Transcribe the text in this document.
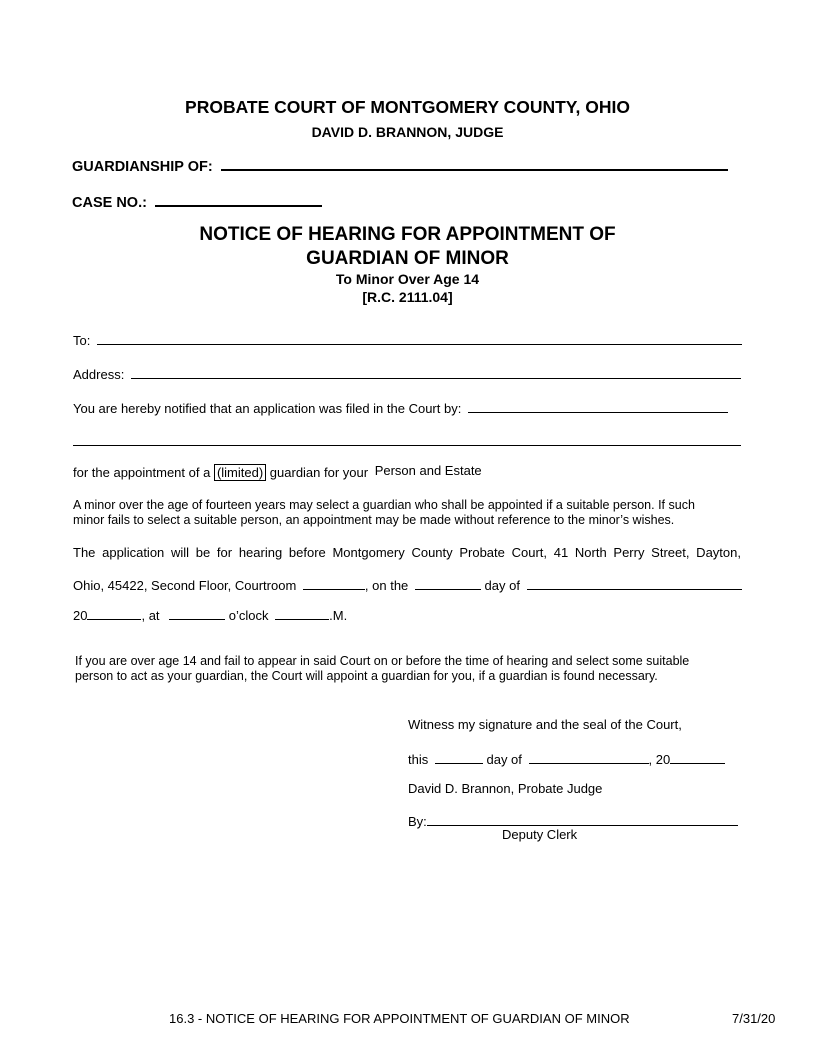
PROBATE COURT OF MONTGOMERY COUNTY, OHIO
DAVID D. BRANNON, JUDGE
GUARDIANSHIP OF:
CASE NO.:
NOTICE OF HEARING FOR APPOINTMENT OF
GUARDIAN OF MINOR
To Minor Over Age 14
[R.C. 2111.04]
To:
Address:
You are hereby notified that an application was filed in the Court by:
for the appointment of a (limited) guardian for your Person and Estate
A minor over the age of fourteen years may select a guardian who shall be appointed if a suitable person. If such
minor fails to select a suitable person, an appointment may be made without reference to the minor’s wishes.
The application will be for hearing before Montgomery County Probate Court, 41 North Perry Street, Dayton,
Ohio, 45422, Second Floor, Courtroom	, on the	day of
20	, at	o’clock	.M.
If you are over age 14 and fail to appear in said Court on or before the time of hearing and select some suitable
person to act as your guardian, the Court will appoint a guardian for you, if a guardian is found necessary.
Witness my signature and the seal of the Court,
this	day of	, 20
David D. Brannon, Probate Judge
By:
Deputy Clerk
16.3 - NOTICE OF HEARING FOR APPOINTMENT OF GUARDIAN OF MINOR	7/31/20
